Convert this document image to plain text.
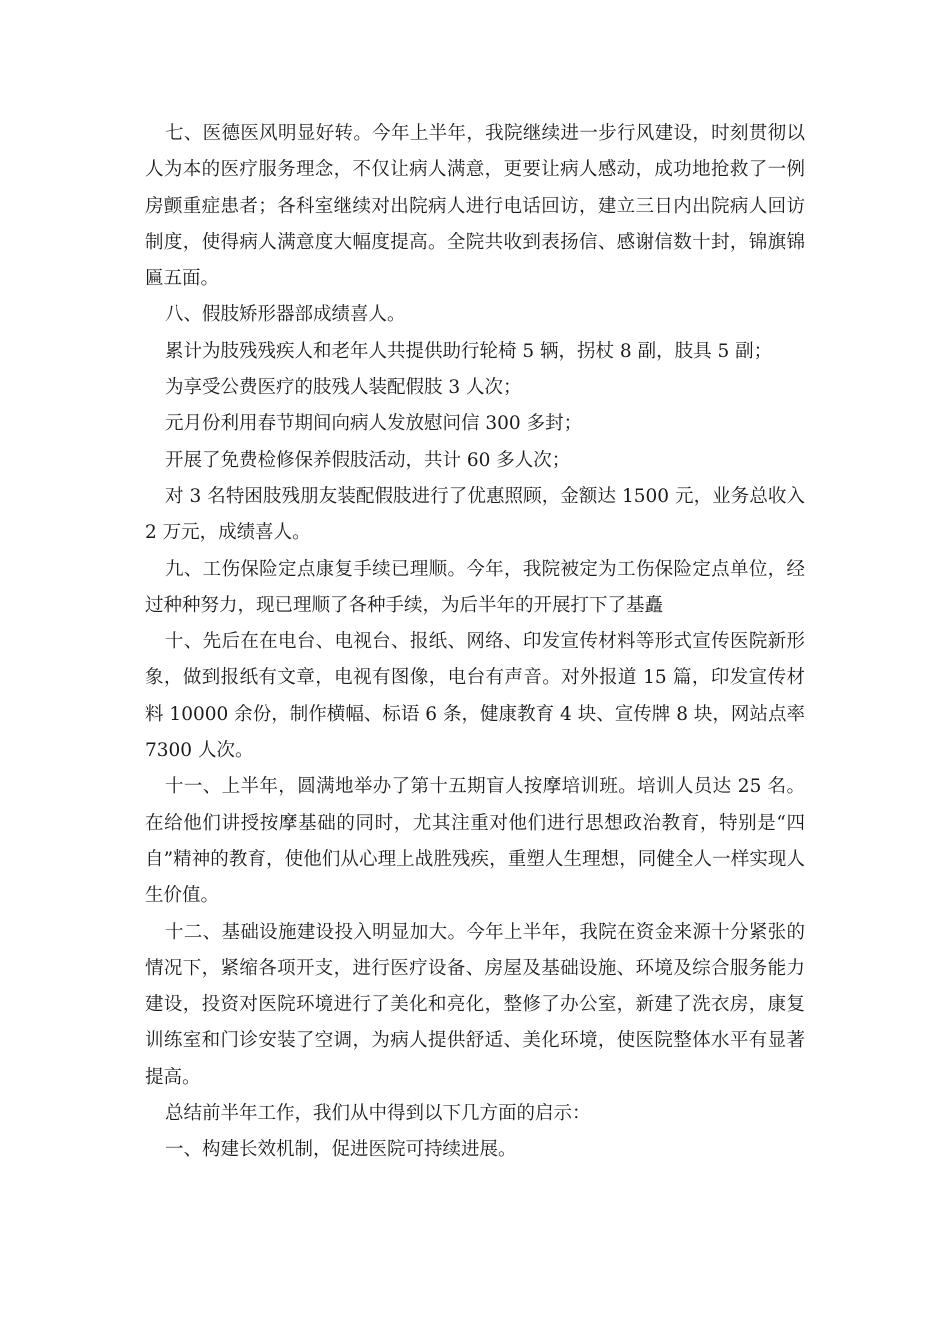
七、医德医风明显好转。今年上半年，我院继续进一步行风建设，时刻贯彻以人为本的医疗服务理念，不仅让病人满意，更要让病人感动，成功地抢救了一例房颤重症患者；各科室继续对出院病人进行电话回访，建立三日内出院病人回访制度，使得病人满意度大幅度提高。全院共收到表扬信、感谢信数十封，锦旗锦匾五面。

八、假肢矫形器部成绩喜人。

累计为肢残残疾人和老年人共提供助行轮椅 5 辆，拐杖 8 副，肢具 5 副；

为享受公费医疗的肢残人装配假肢 3 人次；

元月份利用春节期间向病人发放慰问信 300 多封；

开展了免费检修保养假肢活动，共计 60 多人次；

对 3 名特困肢残朋友装配假肢进行了优惠照顾，金额达 1500 元，业务总收入 2 万元，成绩喜人。

九、工伤保险定点康复手续已理顺。今年，我院被定为工伤保险定点单位，经过种种努力，现已理顺了各种手续，为后半年的开展打下了基矗

十、先后在在电台、电视台、报纸、网络、印发宣传材料等形式宣传医院新形象，做到报纸有文章，电视有图像，电台有声音。对外报道 15 篇，印发宣传材料 10000 余份，制作横幅、标语 6 条，健康教育 4 块、宣传牌 8 块，网站点率 7300 人次。

十一、上半年，圆满地举办了第十五期盲人按摩培训班。培训人员达 25 名。在给他们讲授按摩基础的同时，尤其注重对他们进行思想政治教育，特别是“四自”精神的教育，使他们从心理上战胜残疾，重塑人生理想，同健全人一样实现人生价值。

十二、基础设施建设投入明显加大。今年上半年，我院在资金来源十分紧张的情况下，紧缩各项开支，进行医疗设备、房屋及基础设施、环境及综合服务能力建设，投资对医院环境进行了美化和亮化，整修了办公室，新建了洗衣房，康复训练室和门诊安装了空调，为病人提供舒适、美化环境，使医院整体水平有显著提高。

总结前半年工作，我们从中得到以下几方面的启示：

一、构建长效机制，促进医院可持续进展。
